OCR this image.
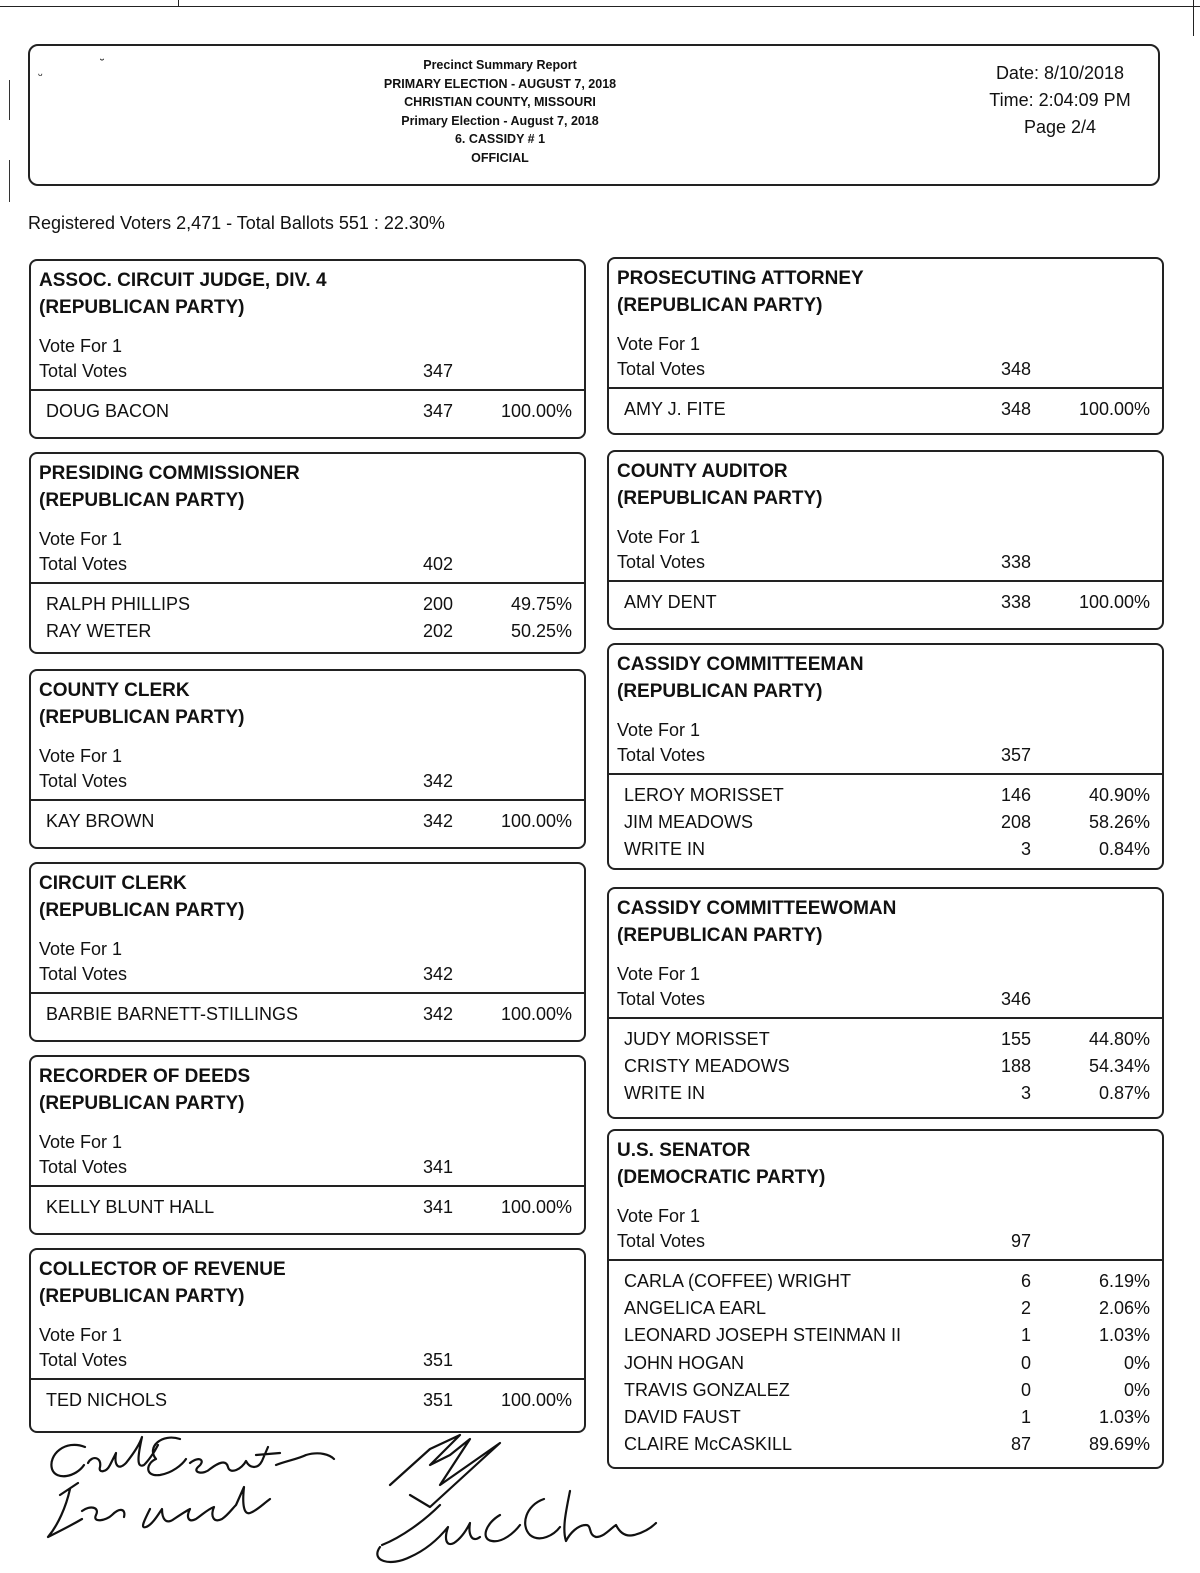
ᵕ
Precinct Summary Report
PRIMARY ELECTION - AUGUST 7, 2018
CHRISTIAN COUNTY, MISSOURI
Primary Election - August 7, 2018
6. CASSIDY # 1
OFFICIAL
Date: 8/10/2018
Time: 2:04:09 PM
Page 2/4
Registered Voters 2,471 - Total Ballots 551 : 22.30%
ASSOC. CIRCUIT JUDGE, DIV. 4
(REPUBLICAN PARTY)
Vote For 1
Total Votes	347
DOUG BACON	347	100.00%
PRESIDING COMMISSIONER
(REPUBLICAN PARTY)
Vote For 1
Total Votes	402
RALPH PHILLIPS	200	49.75%
RAY WETER	202	50.25%
COUNTY CLERK
(REPUBLICAN PARTY)
Vote For 1
Total Votes	342
KAY BROWN	342	100.00%
CIRCUIT CLERK
(REPUBLICAN PARTY)
Vote For 1
Total Votes	342
BARBIE BARNETT-STILLINGS	342	100.00%
RECORDER OF DEEDS
(REPUBLICAN PARTY)
Vote For 1
Total Votes	341
KELLY BLUNT HALL	341	100.00%
COLLECTOR OF REVENUE
(REPUBLICAN PARTY)
Vote For 1
Total Votes	351
TED NICHOLS	351	100.00%
PROSECUTING ATTORNEY
(REPUBLICAN PARTY)
Vote For 1
Total Votes	348
AMY J. FITE	348	100.00%
COUNTY AUDITOR
(REPUBLICAN PARTY)
Vote For 1
Total Votes	338
AMY DENT	338	100.00%
CASSIDY COMMITTEEMAN
(REPUBLICAN PARTY)
Vote For 1
Total Votes	357
LEROY MORISSET	146	40.90%
JIM MEADOWS	208	58.26%
WRITE IN	3	0.84%
CASSIDY COMMITTEEWOMAN
(REPUBLICAN PARTY)
Vote For 1
Total Votes	346
JUDY MORISSET	155	44.80%
CRISTY MEADOWS	188	54.34%
WRITE IN	3	0.87%
U.S. SENATOR
(DEMOCRATIC PARTY)
Vote For 1
Total Votes	97
CARLA (COFFEE) WRIGHT	6	6.19%
ANGELICA EARL	2	2.06%
LEONARD JOSEPH STEINMAN II	1	1.03%
JOHN HOGAN	0	0%
TRAVIS GONZALEZ	0	0%
DAVID FAUST	1	1.03%
CLAIRE McCASKILL	87	89.69%
